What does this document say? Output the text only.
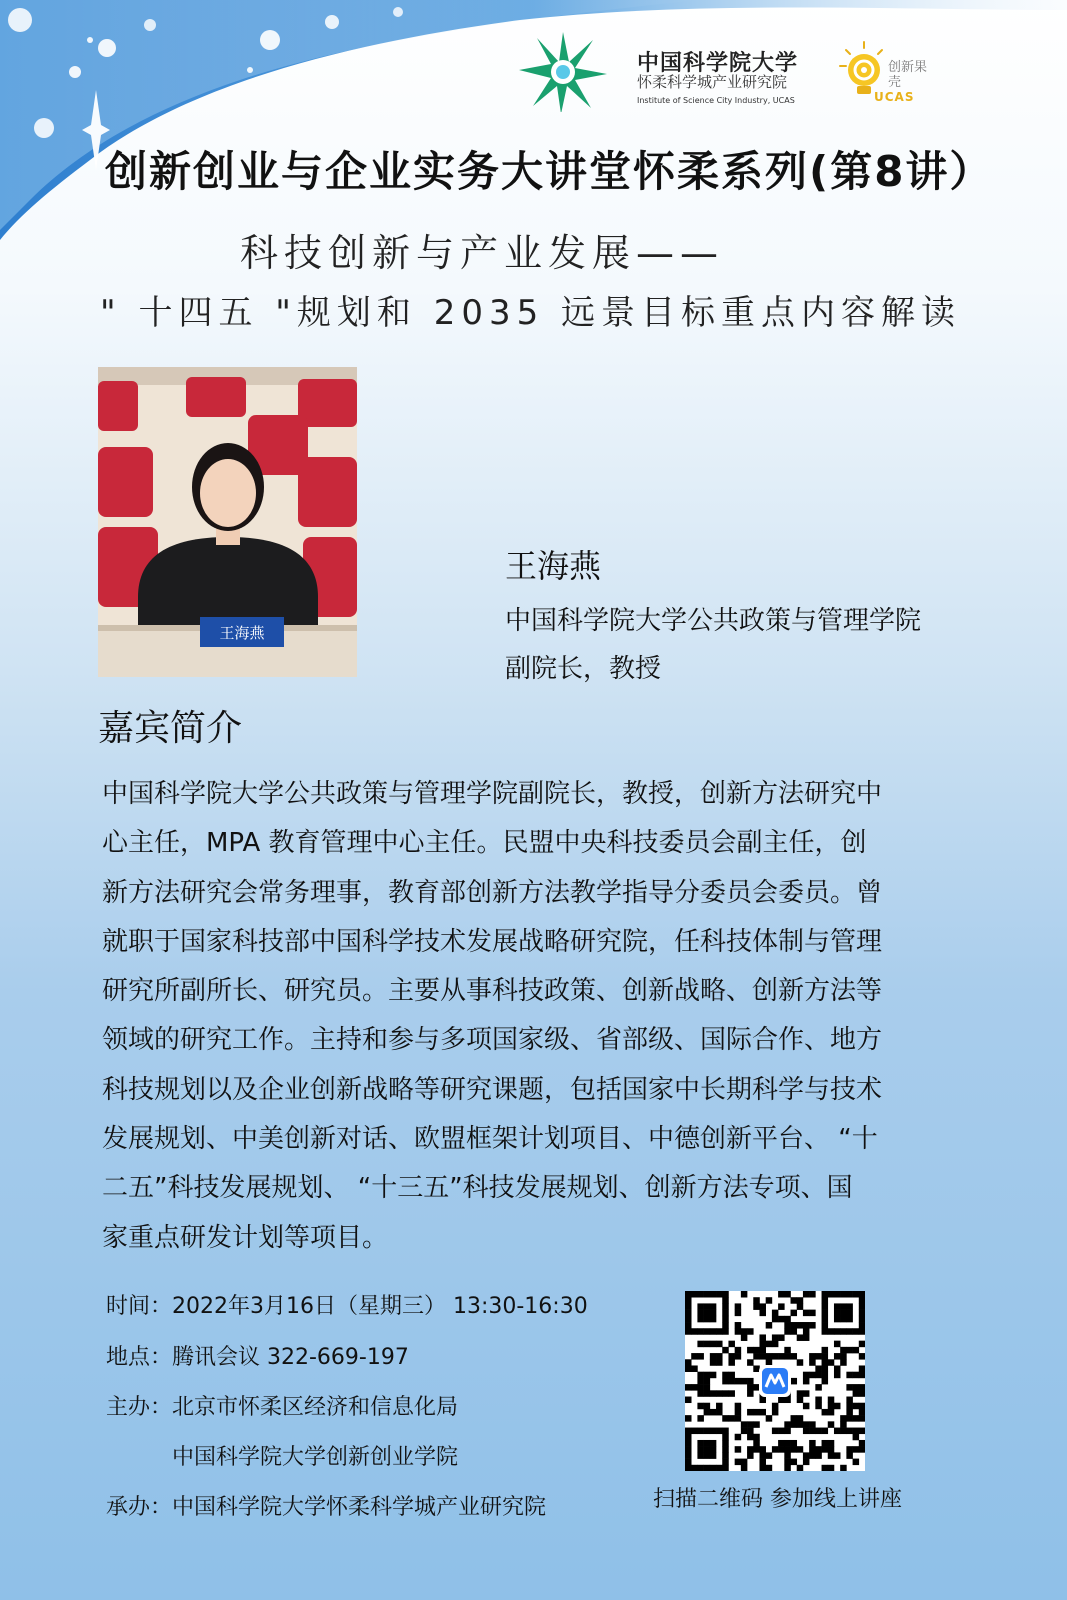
中国科学院大学
怀柔科学城产业研究院
Institute of Science City Industry, UCAS
创新果壳
UCAS
创新创业与企业实务大讲堂怀柔系列(第8讲）
科技创新与产业发展——
" 十四五 "规划和 2035 远景目标重点内容解读
王海燕
王海燕
中国科学院大学公共政策与管理学院
副院长，教授
嘉宾简介
中国科学院大学公共政策与管理学院副院长，教授，创新方法研究中
心主任，MPA 教育管理中心主任。民盟中央科技委员会副主任，创
新方法研究会常务理事，教育部创新方法教学指导分委员会委员。曾
就职于国家科技部中国科学技术发展战略研究院，任科技体制与管理
研究所副所长、研究员。主要从事科技政策、创新战略、创新方法等
领域的研究工作。主持和参与多项国家级、省部级、国际合作、地方
科技规划以及企业创新战略等研究课题，包括国家中长期科学与技术
发展规划、中美创新对话、欧盟框架计划项目、中德创新平台、 “十
二五”科技发展规划、 “十三五”科技发展规划、创新方法专项、国
家重点研发计划等项目。
时间：2022年3月16日（星期三） 13:30-16:30
地点：腾讯会议 322-669-197
主办：北京市怀柔区经济和信息化局
中国科学院大学创新创业学院
承办：中国科学院大学怀柔科学城产业研究院	扫描二维码 参加线上讲座
